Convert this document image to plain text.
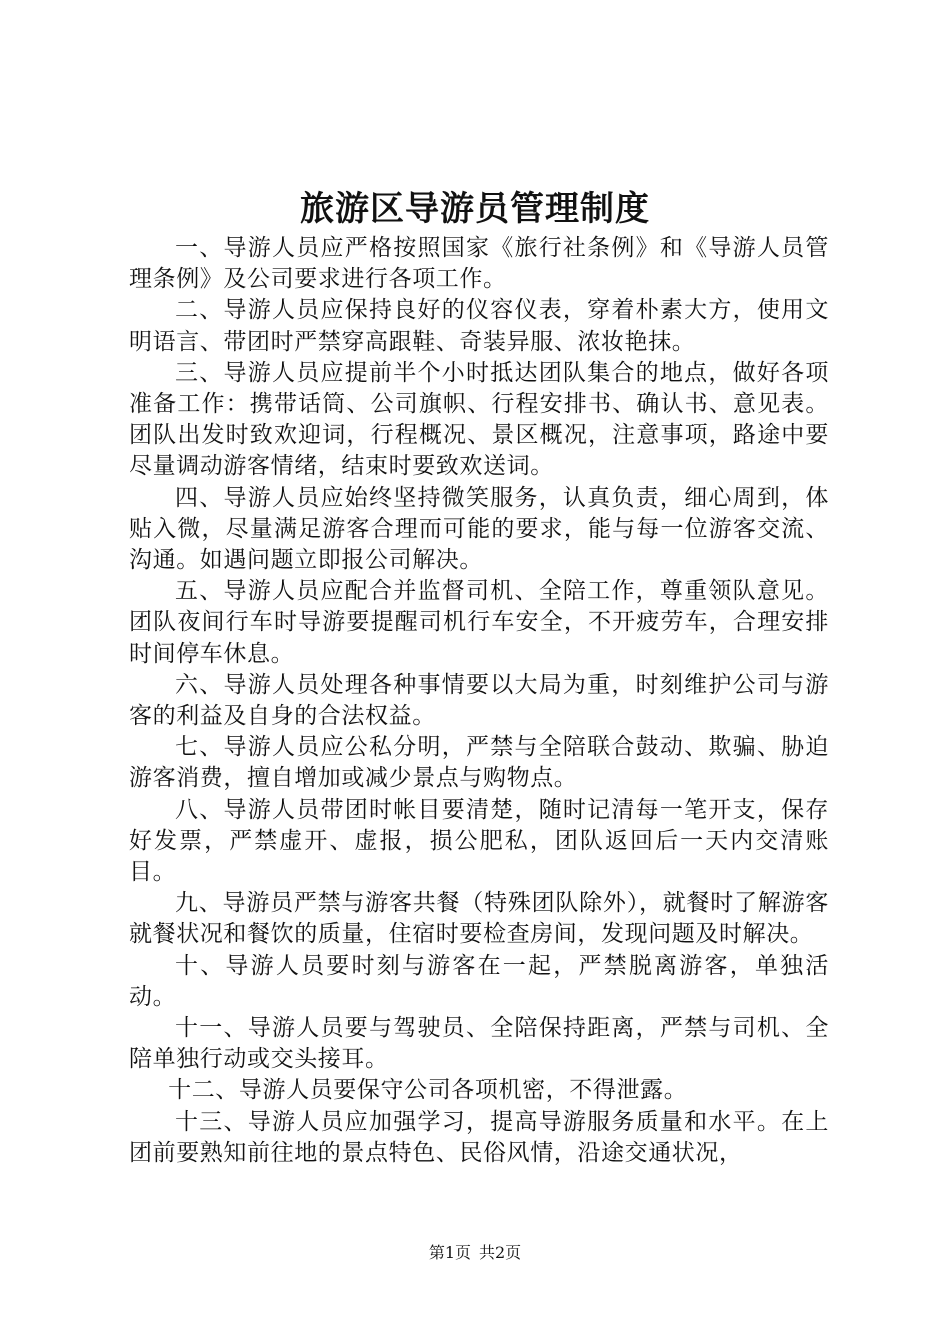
旅游区导游员管理制度

一、导游人员应严格按照国家《旅行社条例》和《导游人员管理条例》及公司要求进行各项工作。

二、导游人员应保持良好的仪容仪表，穿着朴素大方，使用文明语言、带团时严禁穿高跟鞋、奇装异服、浓妆艳抹。

三、导游人员应提前半个小时抵达团队集合的地点，做好各项准备工作：携带话筒、公司旗帜、行程安排书、确认书、意见表。团队出发时致欢迎词，行程概况、景区概况，注意事项，路途中要尽量调动游客情绪，结束时要致欢送词。

四、导游人员应始终坚持微笑服务，认真负责，细心周到，体贴入微，尽量满足游客合理而可能的要求，能与每一位游客交流、沟通。如遇问题立即报公司解决。

五、导游人员应配合并监督司机、全陪工作，尊重领队意见。团队夜间行车时导游要提醒司机行车安全，不开疲劳车，合理安排时间停车休息。

六、导游人员处理各种事情要以大局为重，时刻维护公司与游客的利益及自身的合法权益。

七、导游人员应公私分明，严禁与全陪联合鼓动、欺骗、胁迫游客消费，擅自增加或减少景点与购物点。

八、导游人员带团时帐目要清楚，随时记清每一笔开支，保存好发票，严禁虚开、虚报，损公肥私，团队返回后一天内交清账目。

九、导游员严禁与游客共餐（特殊团队除外），就餐时了解游客就餐状况和餐饮的质量，住宿时要检查房间，发现问题及时解决。

十、导游人员要时刻与游客在一起，严禁脱离游客，单独活动。

十一、导游人员要与驾驶员、全陪保持距离，严禁与司机、全陪单独行动或交头接耳。

十二、导游人员要保守公司各项机密，不得泄露。

十三、导游人员应加强学习，提高导游服务质量和水平。在上团前要熟知前往地的景点特色、民俗风情，沿途交通状况，

第1页 共2页
